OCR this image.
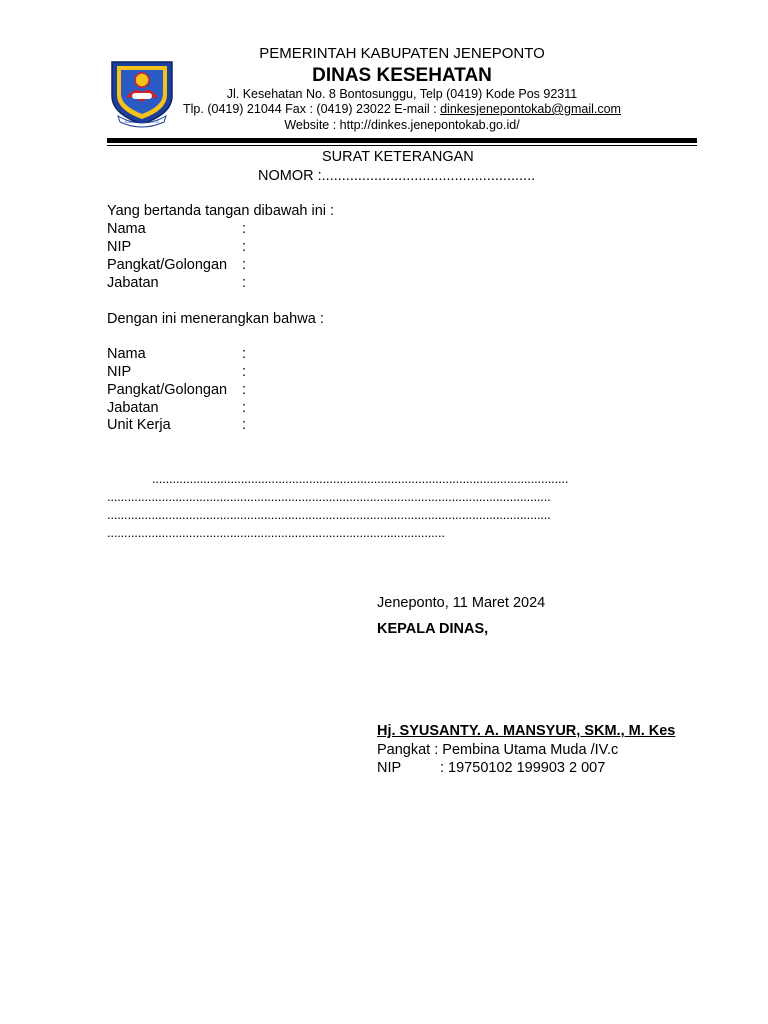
KAB. JENEPONTO
PEMERINTAH KABUPATEN JENEPONTO
DINAS KESEHATAN
Jl. Kesehatan No. 8 Bontosunggu, Telp (0419) Kode Pos 92311
Tlp. (0419) 21044 Fax : (0419) 23022 E-mail : dinkesjenepontokab@gmail.com
Website : http://dinkes.jenepontokab.go.id/
SURAT KETERANGAN
NOMOR :.....................................................
Yang bertanda tangan dibawah ini :
Nama	:
NIP	:
Pangkat/Golongan :
Jabatan	:
Dengan ini menerangkan bahwa :
Nama	:
NIP	:
Pangkat/Golongan :
Jabatan	:
Unit Kerja	:
..........................................................................................................................
..................................................................................................................................
..................................................................................................................................
...................................................................................................
Jeneponto, 11 Maret 2024
KEPALA DINAS,
Hj. SYUSANTY. A. MANSYUR, SKM., M. Kes
Pangkat : Pembina Utama Muda /IV.c
NIP	: 19750102 199903 2 007
